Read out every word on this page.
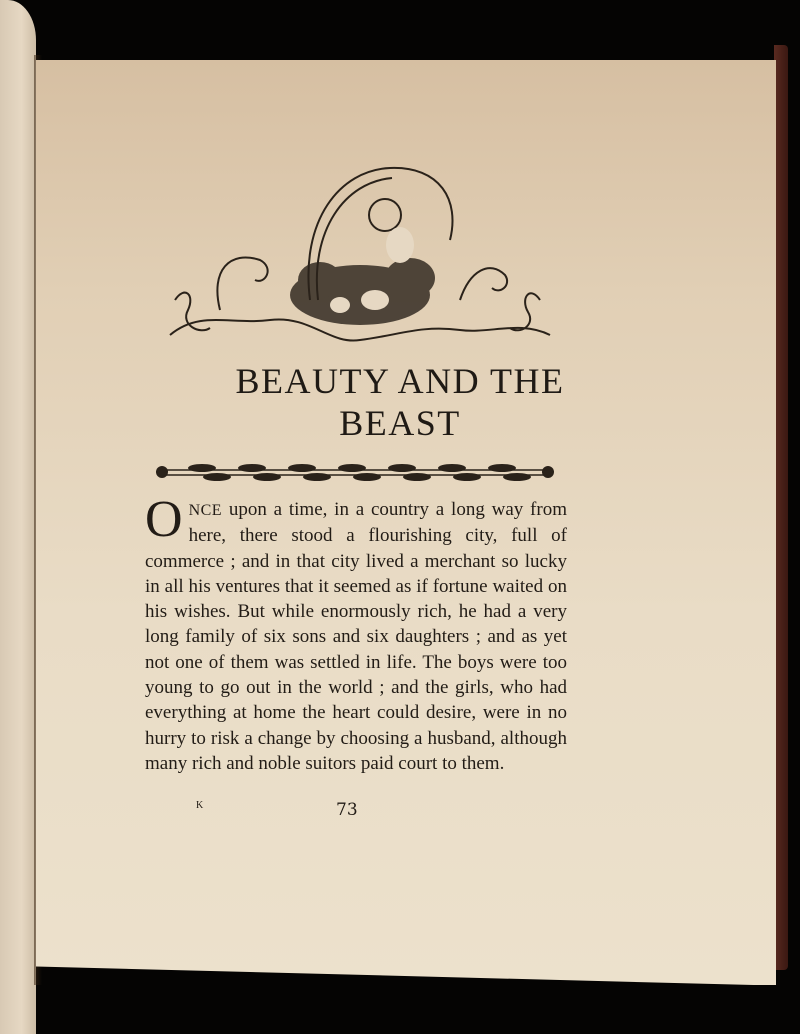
BEAUTY AND THE
BEAST
ONCE upon a time, in a country a long way from here, there stood a flourishing city, full of commerce ; and in that city lived a merchant so lucky in all his ventures that it seemed as if fortune waited on his wishes. But while enormously rich, he had a very long family of six sons and six daughters ; and as yet not one of them was settled in life. The boys were too young to go out in the world ; and the girls, who had everything at home the heart could desire, were in no hurry to risk a change by choosing a husband, although many rich and noble suitors paid court to them.
K	73
